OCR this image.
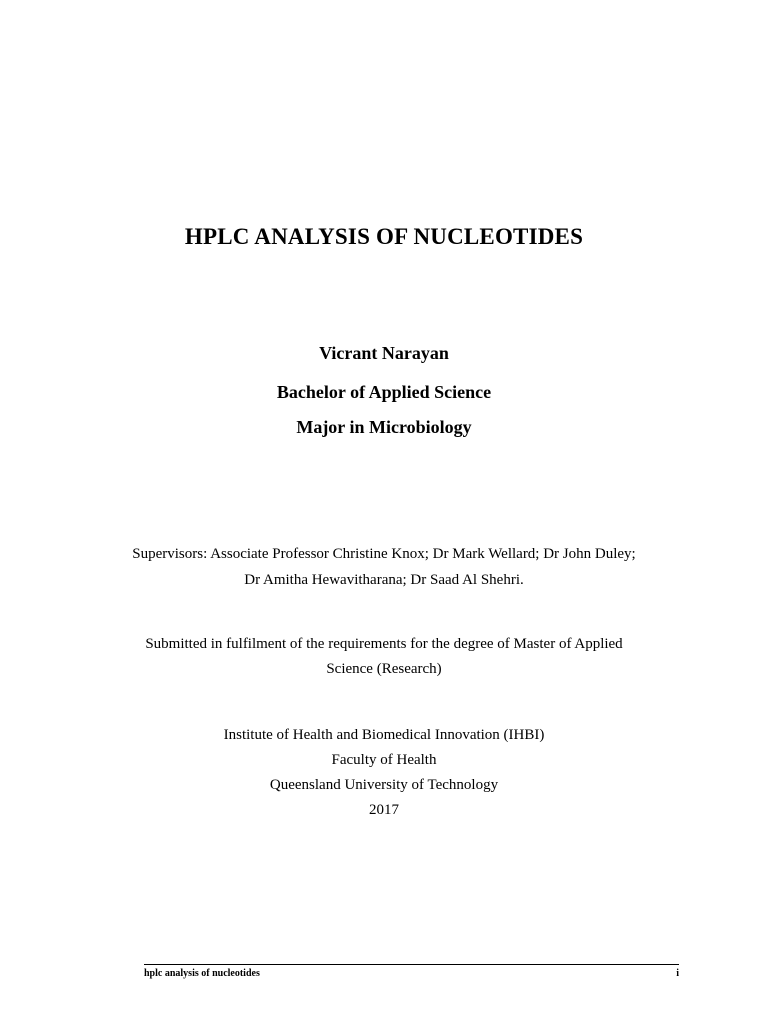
HPLC ANALYSIS OF NUCLEOTIDES

Vicrant Narayan

Bachelor of Applied Science

Major in Microbiology

Supervisors: Associate Professor Christine Knox; Dr Mark Wellard; Dr John Duley;

Dr Amitha Hewavitharana; Dr Saad Al Shehri.

Submitted in fulfilment of the requirements for the degree of Master of Applied

Science (Research)

Institute of Health and Biomedical Innovation (IHBI)

Faculty of Health

Queensland University of Technology

2017

hplc analysis of nucleotides	i
